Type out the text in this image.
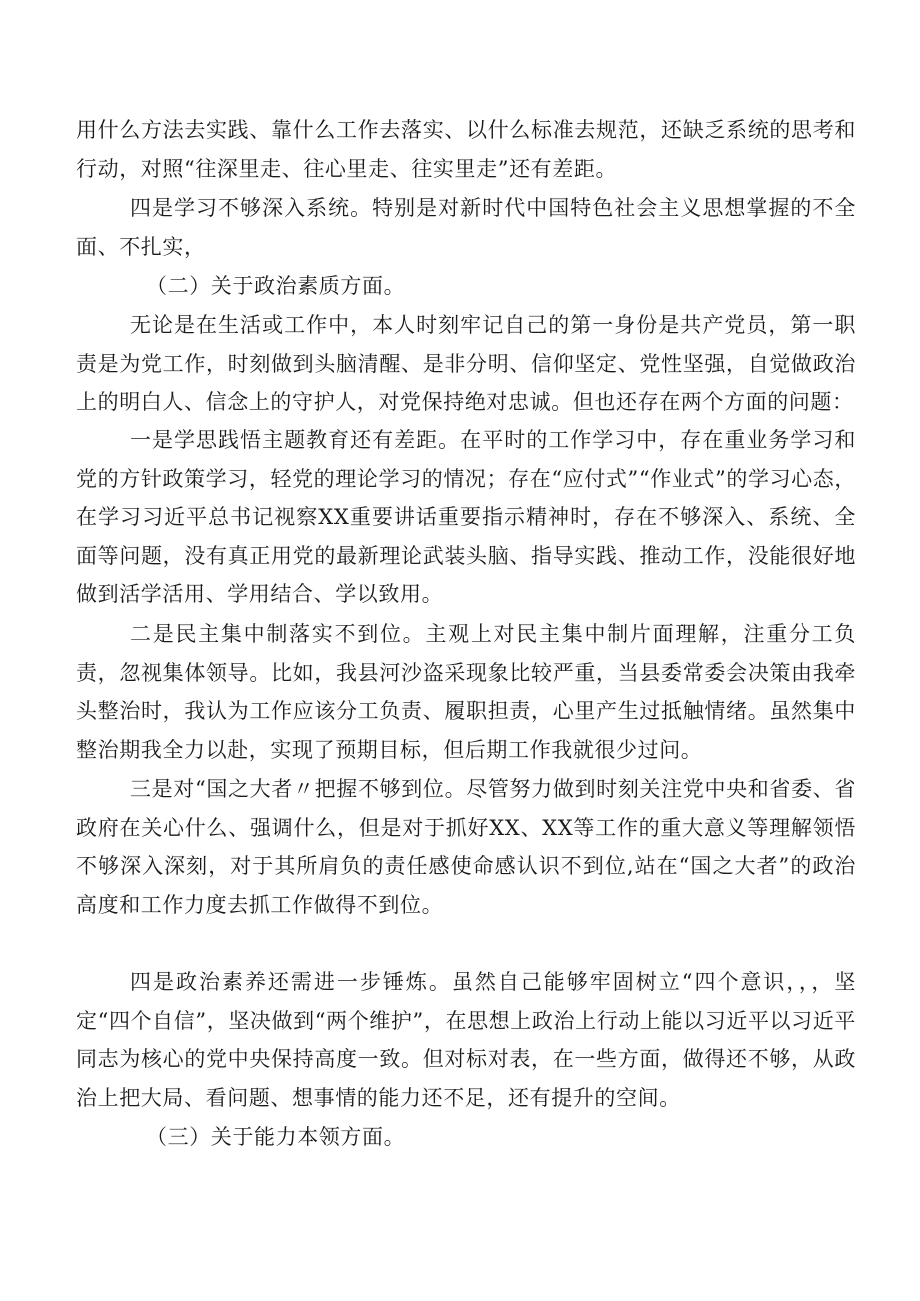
用什么方法去实践、靠什么工作去落实、以什么标准去规范，还缺乏系统的思考和行动，对照“往深里走、往心里走、往实里走”还有差距。

四是学习不够深入系统。特别是对新时代中国特色社会主义思想掌握的不全面、不扎实，

（二）关于政治素质方面。

无论是在生活或工作中，本人时刻牢记自己的第一身份是共产党员，第一职责是为党工作，时刻做到头脑清醒、是非分明、信仰坚定、党性坚强，自觉做政治上的明白人、信念上的守护人，对党保持绝对忠诚。但也还存在两个方面的问题：

一是学思践悟主题教育还有差距。在平时的工作学习中，存在重业务学习和党的方针政策学习，轻党的理论学习的情况；存在“应付式”“作业式”的学习心态，在学习习近平总书记视察XX重要讲话重要指示精神时，存在不够深入、系统、全面等问题，没有真正用党的最新理论武装头脑、指导实践、推动工作，没能很好地做到活学活用、学用结合、学以致用。

二是民主集中制落实不到位。主观上对民主集中制片面理解，注重分工负责，忽视集体领导。比如，我县河沙盗采现象比较严重，当县委常委会决策由我牵头整治时，我认为工作应该分工负责、履职担责，心里产生过抵触情绪。虽然集中整治期我全力以赴，实现了预期目标，但后期工作我就很少过问。

三是对“国之大者〃把握不够到位。尽管努力做到时刻关注党中央和省委、省政府在关心什么、强调什么，但是对于抓好XX、XX等工作的重大意义等理解领悟不够深入深刻，对于其所肩负的责任感使命感认识不到位,站在“国之大者”的政治高度和工作力度去抓工作做得不到位。

四是政治素养还需进一步锤炼。虽然自己能够牢固树立“四个意识，，，坚定“四个自信”，坚决做到“两个维护”，在思想上政治上行动上能以习近平以习近平同志为核心的党中央保持高度一致。但对标对表，在一些方面，做得还不够，从政治上把大局、看问题、想事情的能力还不足，还有提升的空间。

（三）关于能力本领方面。
